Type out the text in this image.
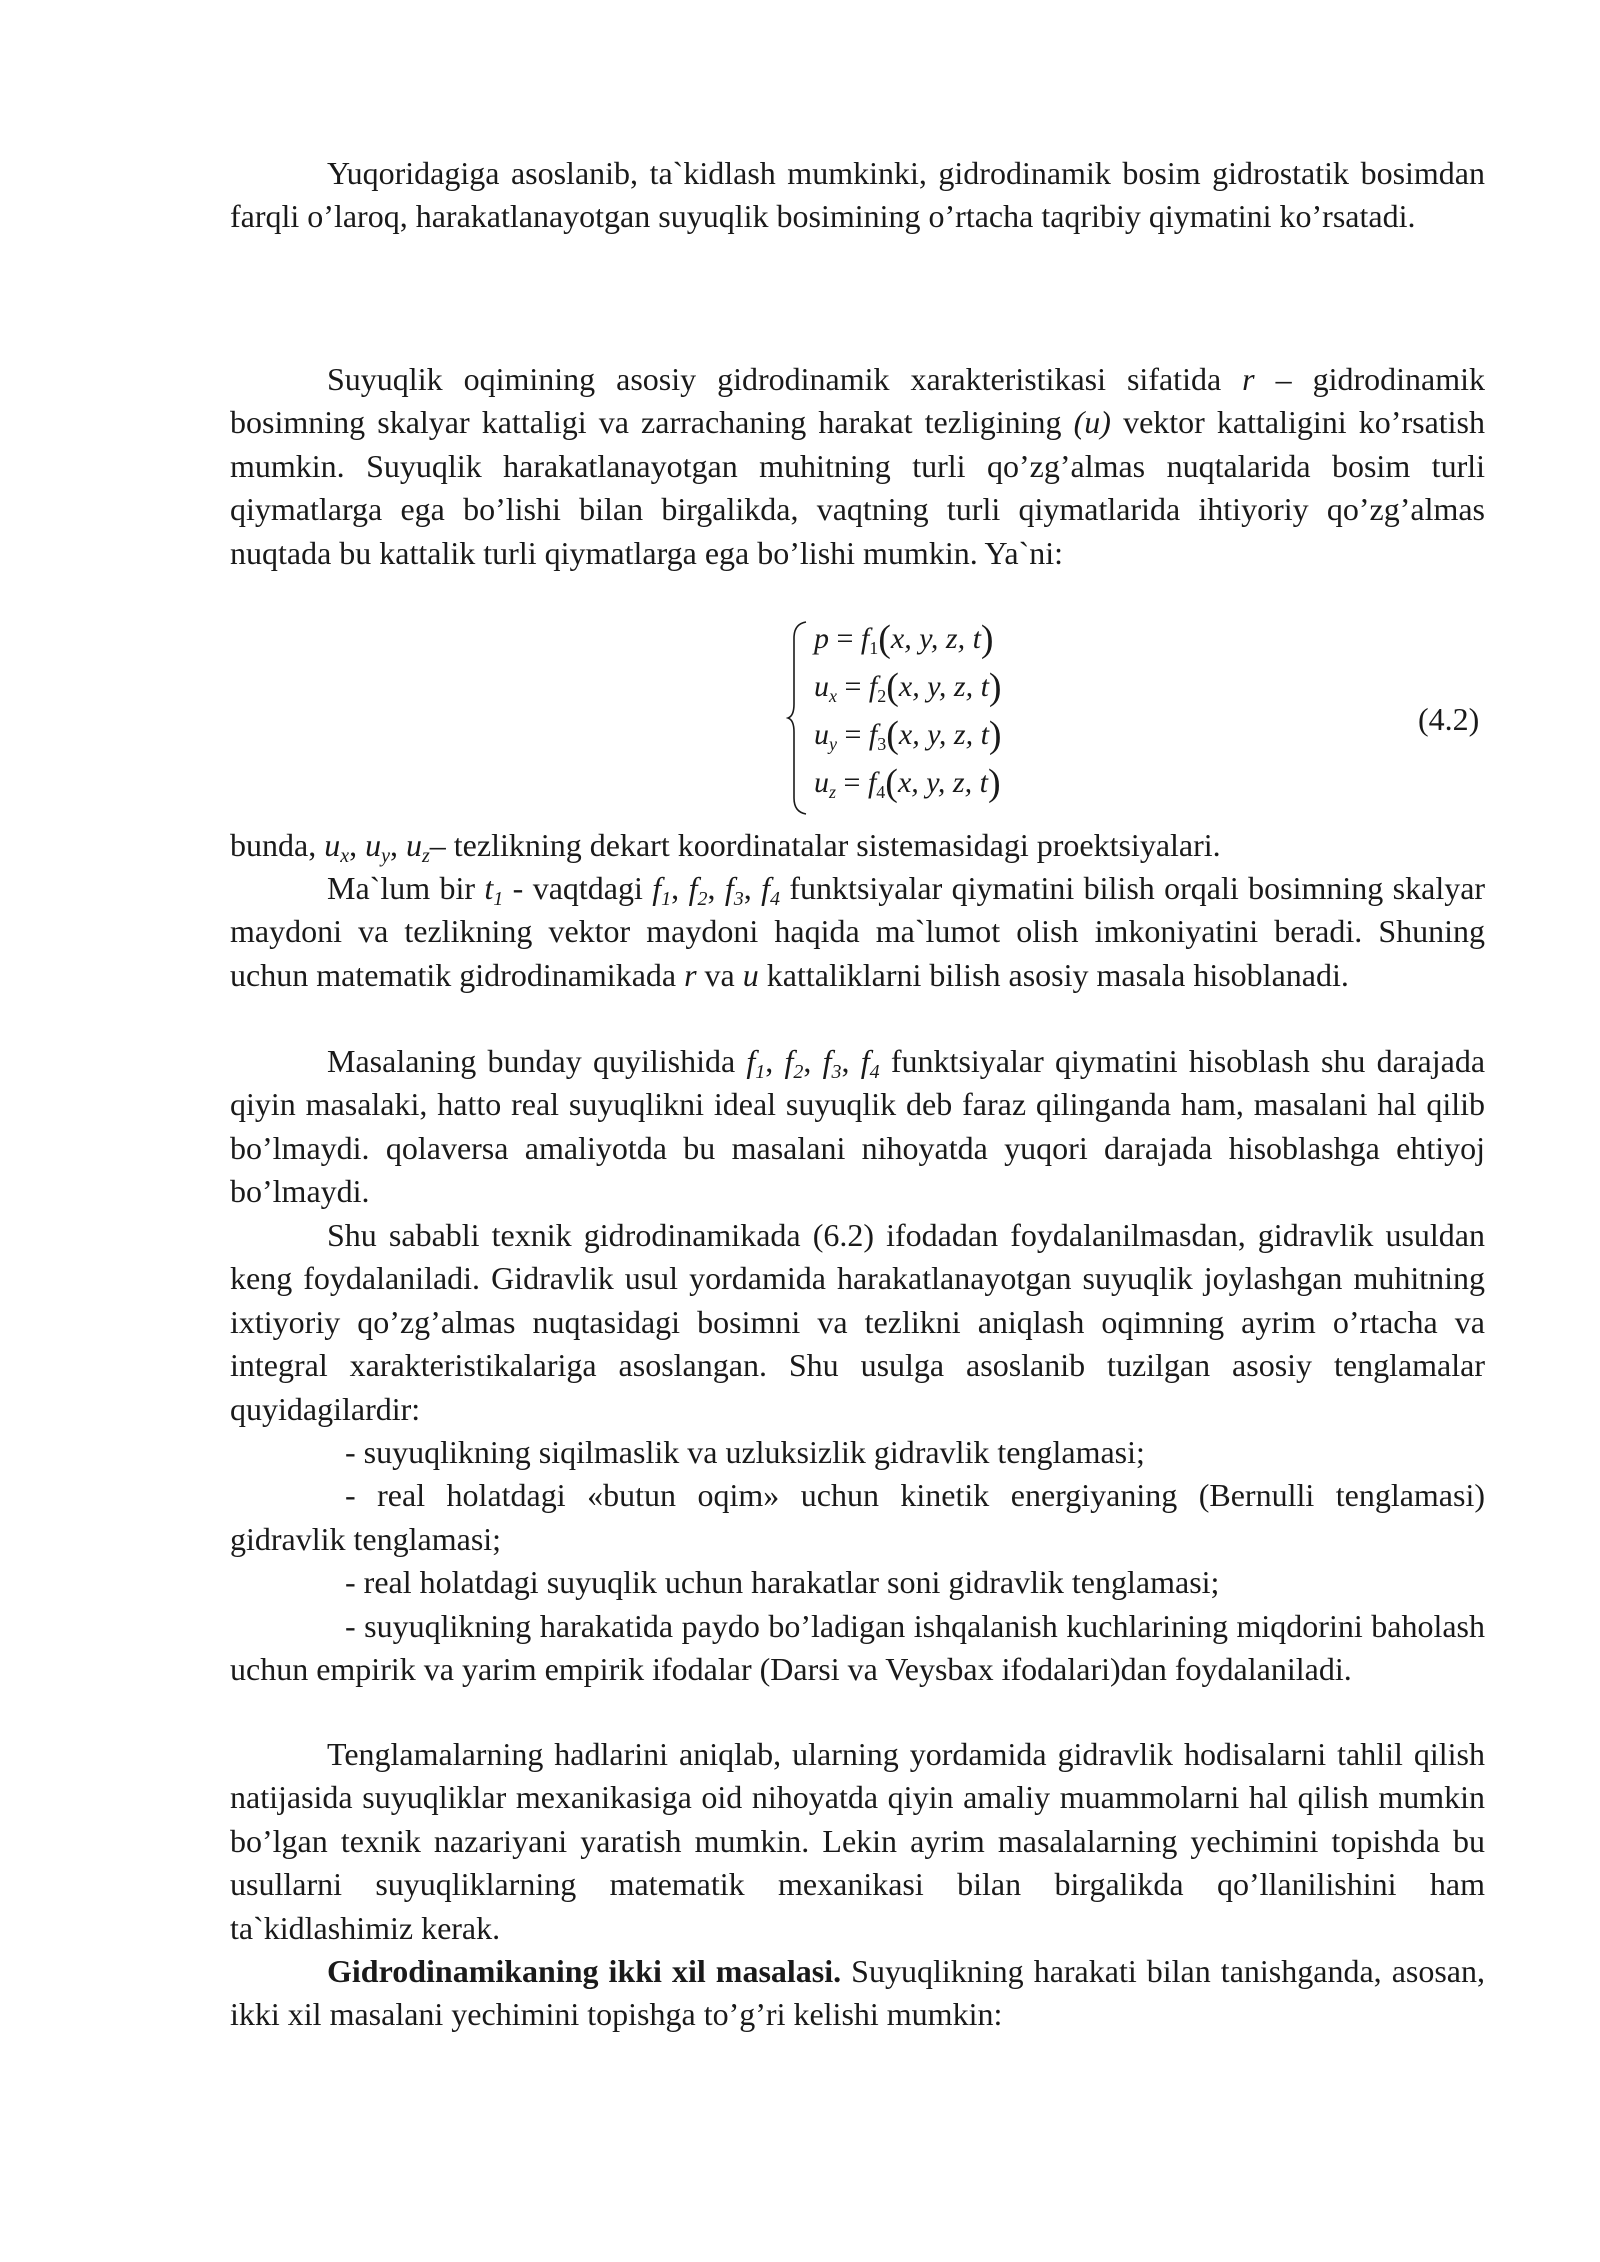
Yuqoridagiga asoslanib, ta`kidlash mumkinki, gidrodinamik bosim gidrostatik bosimdan farqli o’laroq, harakatlanayotgan suyuqlik bosimining o’rtacha taqribiy qiymatini ko’rsatadi.

Suyuqlik oqimining asosiy gidrodinamik xarakteristikasi sifatida r – gidrodinamik bosimning skalyar kattaligi va zarrachaning harakat tezligining (u) vektor kattaligini ko’rsatish mumkin. Suyuqlik harakatlanayotgan muhitning turli qo’zg’almas nuqtalarida bosim turli qiymatlarga ega bo’lishi bilan birgalikda, vaqtning turli qiymatlarida ihtiyoriy qo’zg’almas nuqtada bu kattalik turli qiymatlarga ega bo’lishi mumkin. Ya`ni:

$p = f_1(x$, y, z, t)
$u_x = f_2(x$, y, z, t)
$u_y = f_3(x$, y, z, t)
$u_z = f_4(x$, y, z, t)
(4.2)

bunda, $u_x$, $u_y$, $u_z-$ tezlikning dekart koordinatalar sistemasidagi proektsiyalari.

Ma`lum bir $t_1$ - vaqtdagi $f_1$, $f_2$, $f_3$, $f_4$ funktsiyalar qiymatini bilish orqali bosimning skalyar maydoni va tezlikning vektor maydoni haqida ma`lumot olish imkoniyatini beradi. Shuning uchun matematik gidrodinamikada r va u kattaliklarni bilish asosiy masala hisoblanadi.

Masalaning bunday quyilishida $f_1$, $f_2$, $f_3$, $f_4$ funktsiyalar qiymatini hisoblash shu darajada qiyin masalaki, hatto real suyuqlikni ideal suyuqlik deb faraz qilinganda ham, masalani hal qilib bo’lmaydi. qolaversa amaliyotda bu masalani nihoyatda yuqori darajada hisoblashga ehtiyoj bo’lmaydi.

Shu sababli texnik gidrodinamikada (6.2) ifodadan foydalanilmasdan, gidravlik usuldan keng foydalaniladi. Gidravlik usul yordamida harakatlanayotgan suyuqlik joylashgan muhitning ixtiyoriy qo’zg’almas nuqtasidagi bosimni va tezlikni aniqlash oqimning ayrim o’rtacha va integral xarakteristikalariga asoslangan. Shu usulga asoslanib tuzilgan asosiy tenglamalar quyidagilardir:

- suyuqlikning siqilmaslik va uzluksizlik gidravlik tenglamasi;

- real holatdagi «butun oqim» uchun kinetik energiyaning (Bernulli tenglamasi) gidravlik tenglamasi;

- real holatdagi suyuqlik uchun harakatlar soni gidravlik tenglamasi;

- suyuqlikning harakatida paydo bo’ladigan ishqalanish kuchlarining miqdorini baholash uchun empirik va yarim empirik ifodalar (Darsi va Veysbax ifodalari)dan foydalaniladi.

Tenglamalarning hadlarini aniqlab, ularning yordamida gidravlik hodisalarni tahlil qilish natijasida suyuqliklar mexanikasiga oid nihoyatda qiyin amaliy muammolarni hal qilish mumkin bo’lgan texnik nazariyani yaratish mumkin. Lekin ayrim masalalarning yechimini topishda bu usullarni suyuqliklarning matematik mexanikasi bilan birgalikda qo’llanilishini ham ta`kidlashimiz kerak.

Gidrodinamikaning ikki xil masalasi. Suyuqlikning harakati bilan tanishganda, asosan, ikki xil masalani yechimini topishga to’g’ri kelishi mumkin:
